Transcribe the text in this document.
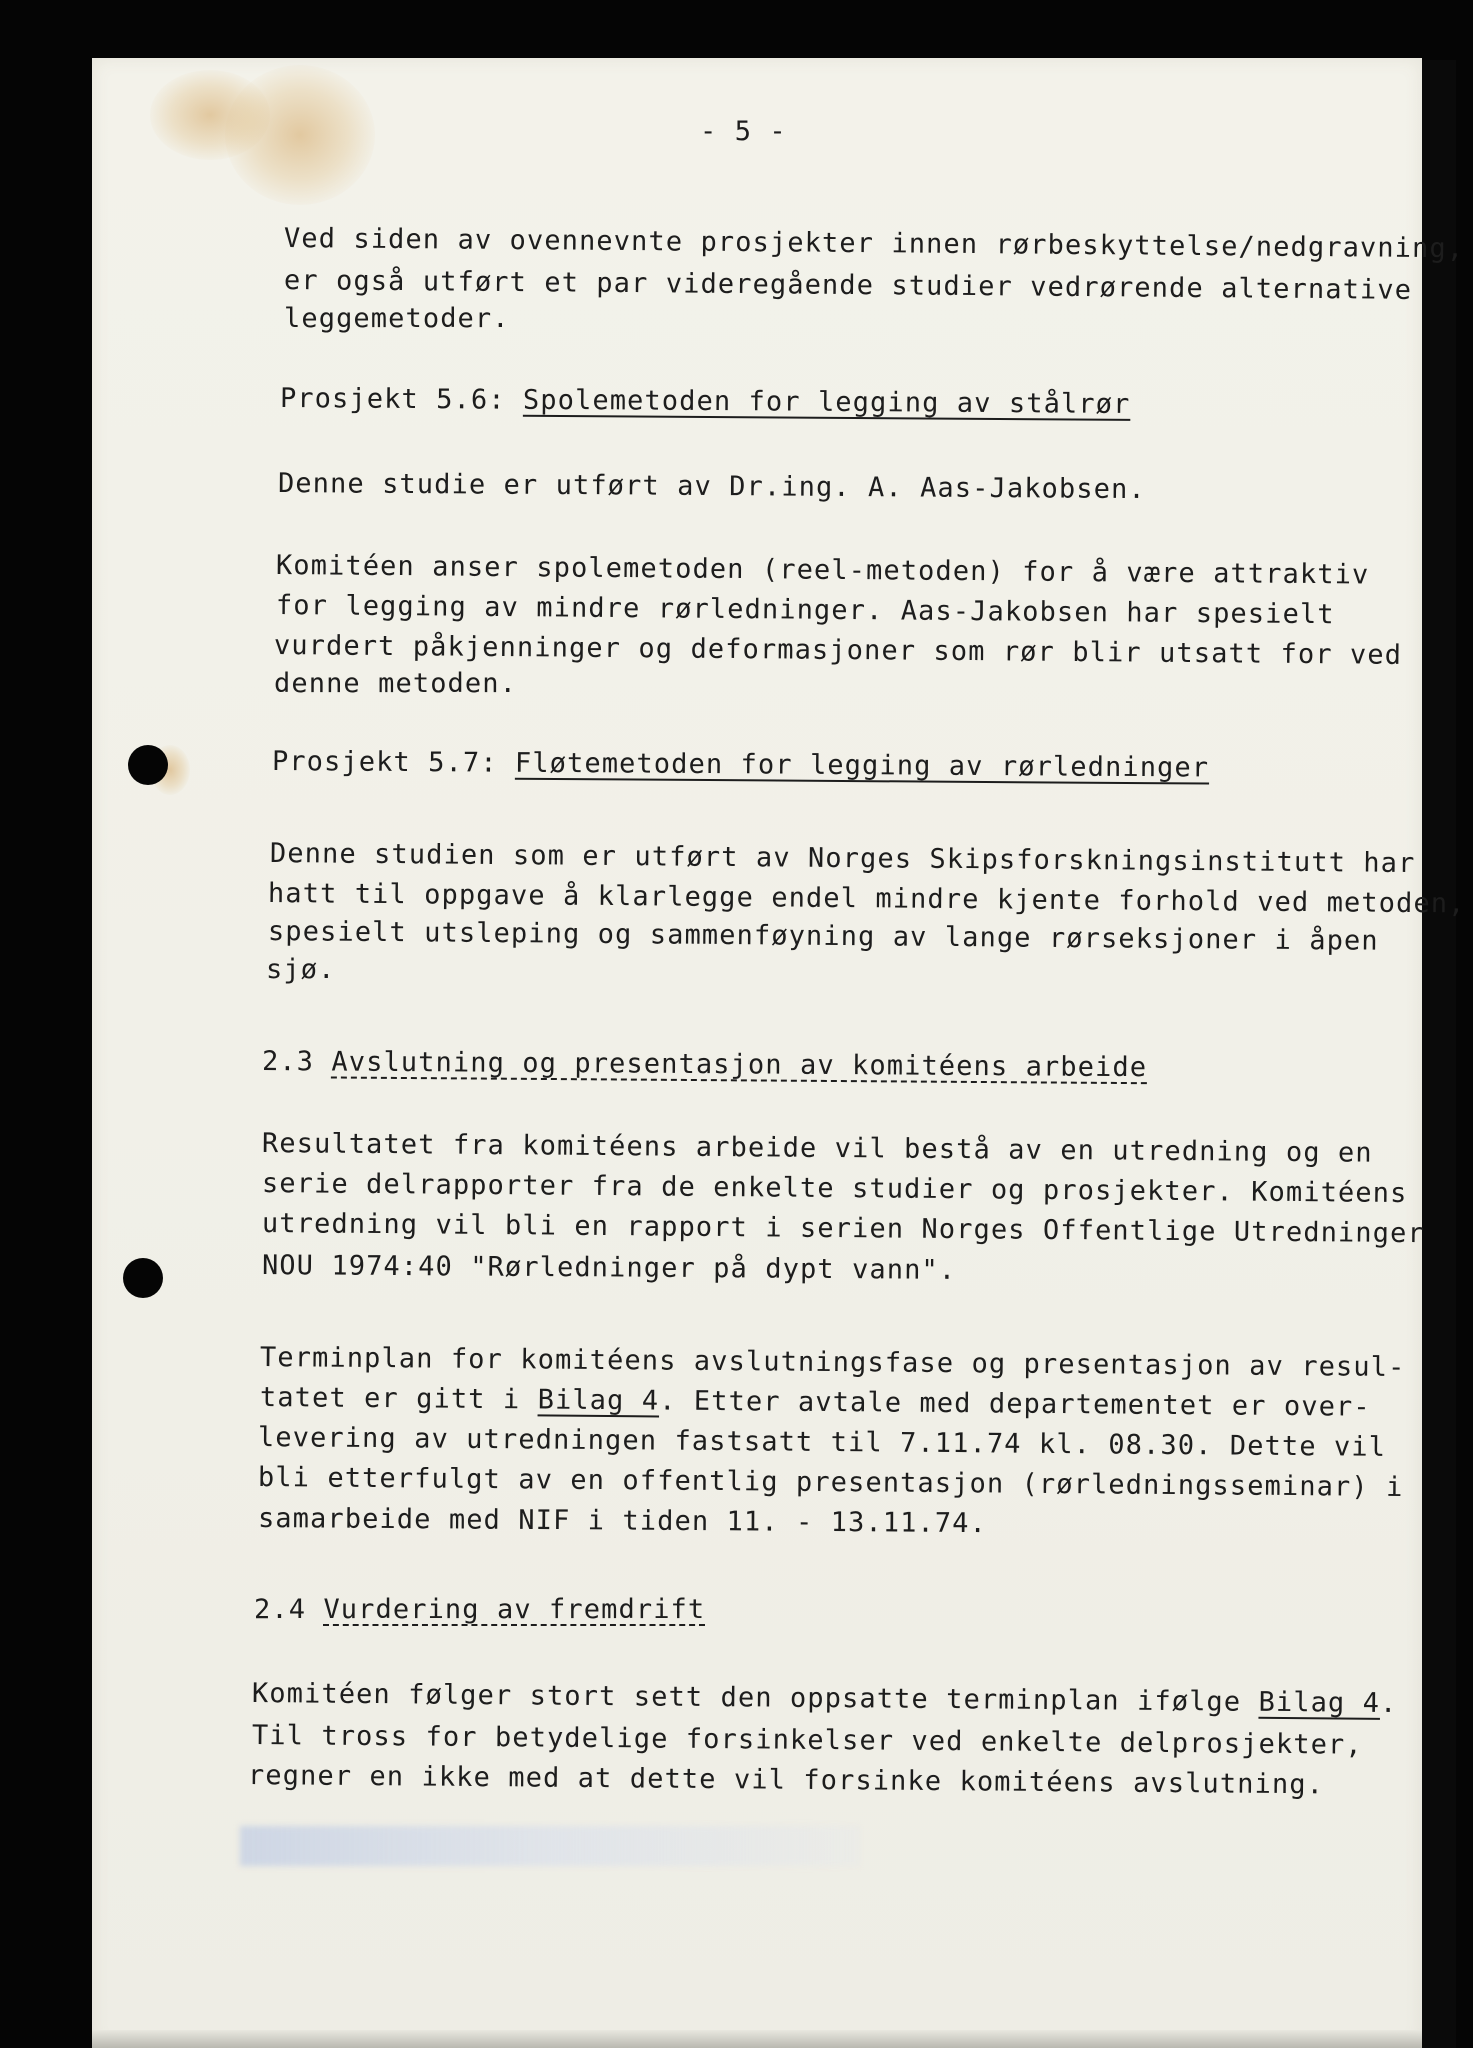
- 5 -
Ved siden av ovennevnte prosjekter innen rørbeskyttelse/nedgravning,
er også utført et par videregående studier vedrørende alternative
leggemetoder.
Prosjekt 5.6: Spolemetoden for legging av stålrør
Denne studie er utført av Dr.ing. A. Aas-Jakobsen.
Komitéen anser spolemetoden (reel-metoden) for å være attraktiv
for legging av mindre rørledninger. Aas-Jakobsen har spesielt
vurdert påkjenninger og deformasjoner som rør blir utsatt for ved
denne metoden.
Prosjekt 5.7: Fløtemetoden for legging av rørledninger
Denne studien som er utført av Norges Skipsforskningsinstitutt har
hatt til oppgave å klarlegge endel mindre kjente forhold ved metoden,
spesielt utsleping og sammenføyning av lange rørseksjoner i åpen
sjø.
2.3 Avslutning og presentasjon av komitéens arbeide
Resultatet fra komitéens arbeide vil bestå av en utredning og en
serie delrapporter fra de enkelte studier og prosjekter. Komitéens
utredning vil bli en rapport i serien Norges Offentlige Utredninger
NOU 1974:40 "Rørledninger på dypt vann".
Terminplan for komitéens avslutningsfase og presentasjon av resul-
tatet er gitt i Bilag 4. Etter avtale med departementet er over-
levering av utredningen fastsatt til 7.11.74 kl. 08.30. Dette vil
bli etterfulgt av en offentlig presentasjon (rørledningsseminar) i
samarbeide med NIF i tiden 11. - 13.11.74.
2.4 Vurdering av fremdrift
Komitéen følger stort sett den oppsatte terminplan ifølge Bilag 4.
Til tross for betydelige forsinkelser ved enkelte delprosjekter,
regner en ikke med at dette vil forsinke komitéens avslutning.
